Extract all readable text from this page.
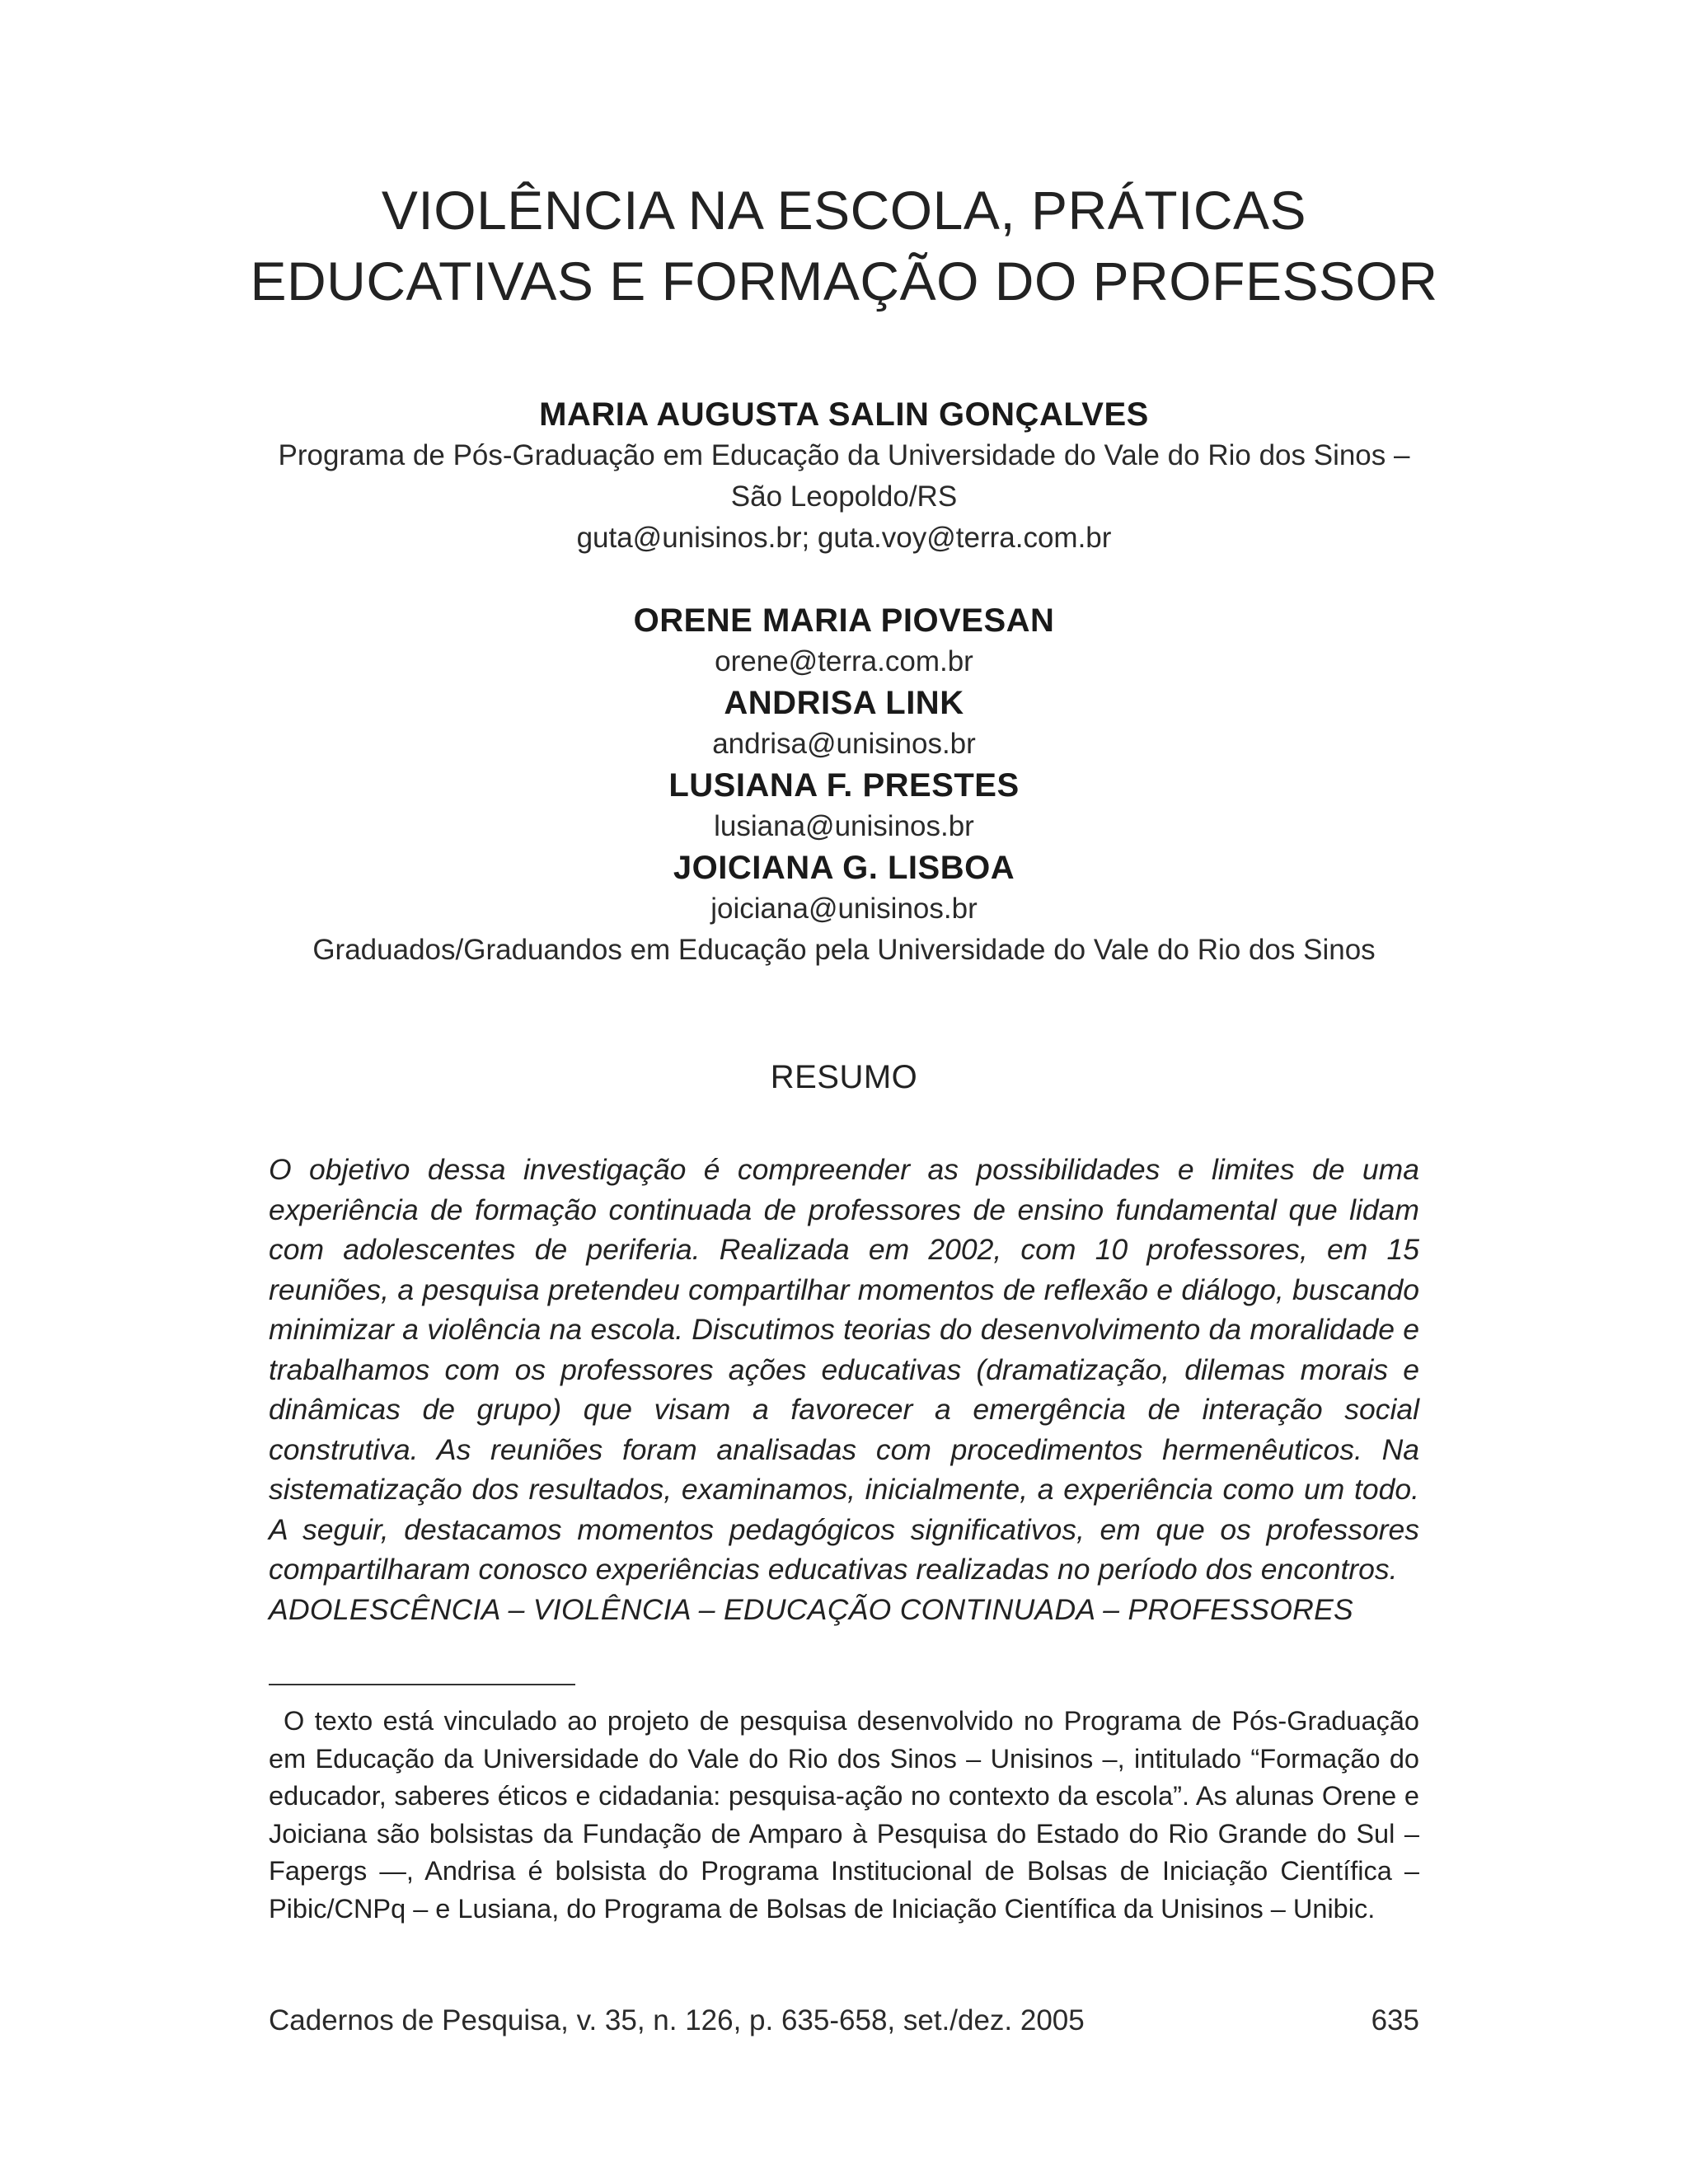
VIOLÊNCIA NA ESCOLA, PRÁTICAS
EDUCATIVAS E FORMAÇÃO DO PROFESSOR
MARIA AUGUSTA SALIN GONÇALVES
Programa de Pós-Graduação em Educação da Universidade do Vale do Rio dos Sinos –
São Leopoldo/RS
guta@unisinos.br; guta.voy@terra.com.br
ORENE MARIA PIOVESAN
orene@terra.com.br
ANDRISA LINK
andrisa@unisinos.br
LUSIANA F. PRESTES
lusiana@unisinos.br
JOICIANA G. LISBOA
joiciana@unisinos.br
Graduados/Graduandos em Educação pela Universidade do Vale do Rio dos Sinos
RESUMO

O objetivo dessa investigação é compreender as possibilidades e limites de uma experiência de formação continuada de professores de ensino fundamental que lidam com adolescentes de periferia. Realizada em 2002, com 10 professores, em 15 reuniões, a pesquisa pretendeu compartilhar momentos de reflexão e diálogo, buscando minimizar a violência na escola. Discutimos teorias do desenvolvimento da moralidade e trabalhamos com os professores ações educativas (dramatização, dilemas morais e dinâmicas de grupo) que visam a favorecer a emergência de interação social construtiva. As reuniões foram analisadas com procedimentos hermenêuticos. Na sistematização dos resultados, examinamos, inicialmente, a experiência como um todo. A seguir, destacamos momentos pedagógicos significativos, em que os professores compartilharam conosco experiências educativas realizadas no período dos encontros.

ADOLESCÊNCIA – VIOLÊNCIA – EDUCAÇÃO CONTINUADA – PROFESSORES

O texto está vinculado ao projeto de pesquisa desenvolvido no Programa de Pós-Graduação em Educação da Universidade do Vale do Rio dos Sinos – Unisinos –, intitulado “Formação do educador, saberes éticos e cidadania: pesquisa-ação no contexto da escola”. As alunas Orene e Joiciana são bolsistas da Fundação de Amparo à Pesquisa do Estado do Rio Grande do Sul – Fapergs —, Andrisa é bolsista do Programa Institucional de Bolsas de Iniciação Científica – Pibic/CNPq – e Lusiana, do Programa de Bolsas de Iniciação Científica da Unisinos – Unibic.

Cadernos de Pesquisa, v. 35, n. 126, p. 635-658, set./dez. 2005	635
